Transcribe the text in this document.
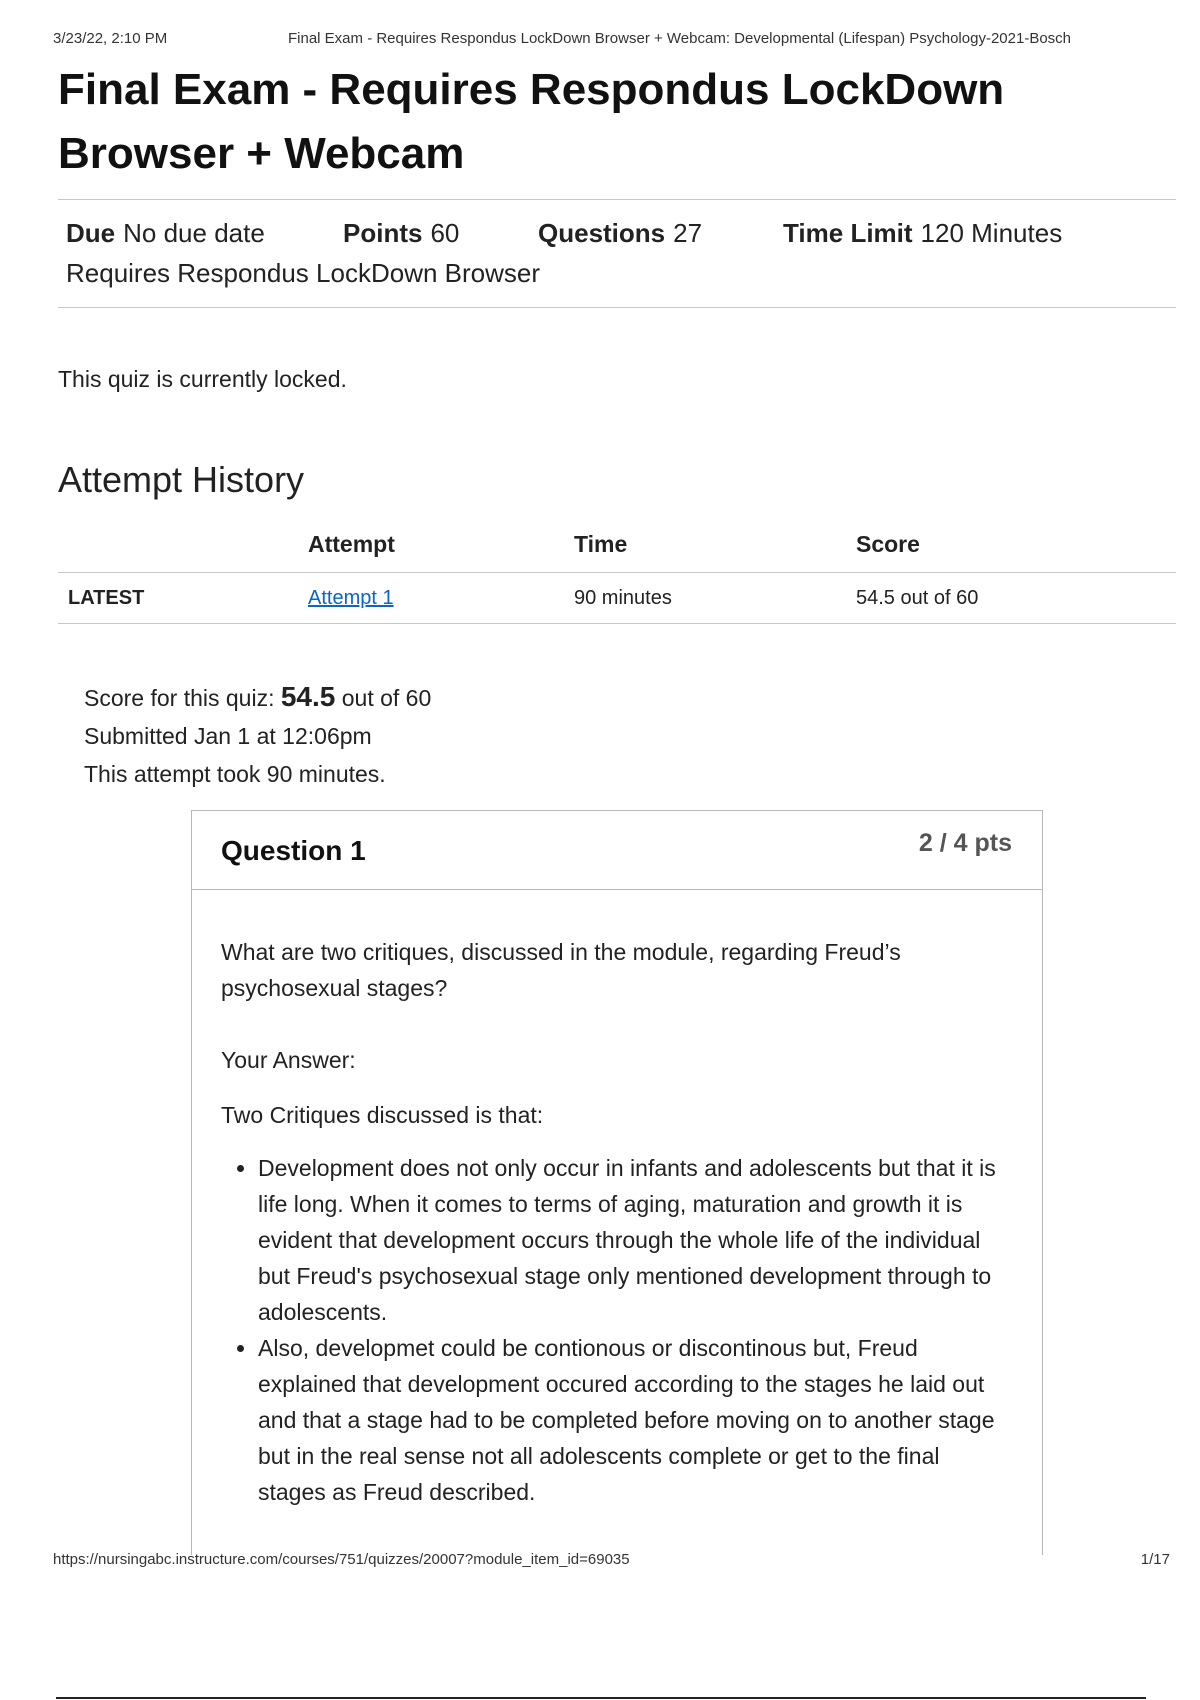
3/23/22, 2:10 PM	Final Exam - Requires Respondus LockDown Browser + Webcam: Developmental (Lifespan) Psychology-2021-Bosch
Final Exam - Requires Respondus LockDown Browser + Webcam
Due No due date	Points 60	Questions 27	Time Limit 120 Minutes
Requires Respondus LockDown Browser
This quiz is currently locked.
Attempt History
	Attempt	Time	Score
LATEST	Attempt 1	90 minutes	54.5 out of 60
Score for this quiz: 54.5 out of 60
Submitted Jan 1 at 12:06pm
This attempt took 90 minutes.
Question 1	2 / 4 pts

What are two critiques, discussed in the module, regarding Freud’s psychosexual stages?

Your Answer:

Two Critiques discussed is that:

• Development does not only occur in infants and adolescents but that it is life long. When it comes to terms of aging, maturation and growth it is evident that development occurs through the whole life of the individual but Freud's psychosexual stage only mentioned development through to adolescents.
• Also, developmet could be contionous or discontinous but, Freud explained that development occured according to the stages he laid out and that a stage had to be completed before moving on to another stage but in the real sense not all adolescents complete or get to the final stages as Freud described.
https://nursingabc.instructure.com/courses/751/quizzes/20007?module_item_id=69035	1/17
